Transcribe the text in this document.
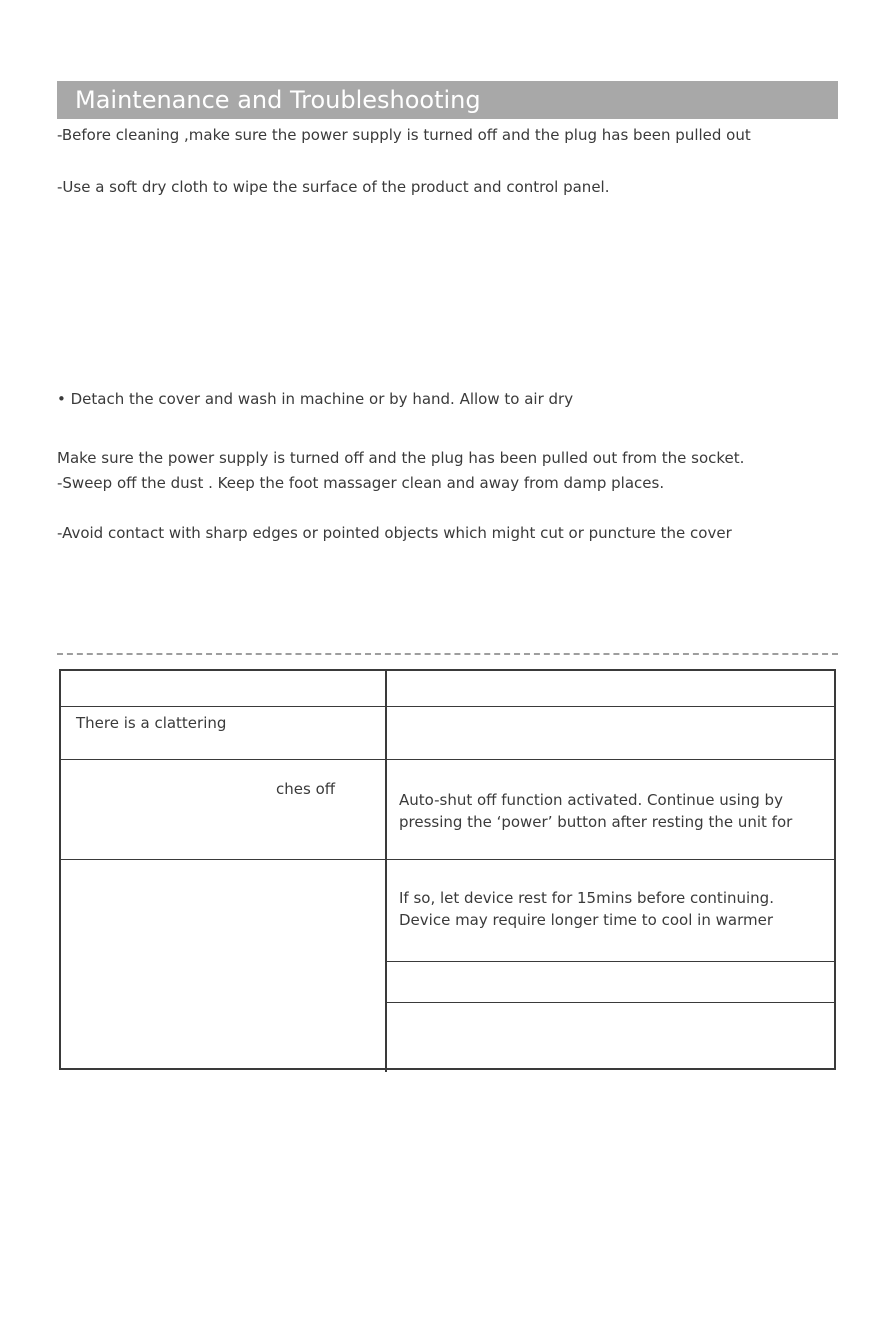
Maintenance and Troubleshooting
-Before cleaning ,make sure the power supply is turned off and the plug has been pulled out
-Use a soft dry cloth to wipe the surface of the product and control panel.
• Detach the cover and wash in machine or by hand. Allow to air dry
Make sure the power supply is turned off and the plug has been pulled out from the socket.
-Sweep off the dust . Keep the foot massager clean and away from damp places.
-Avoid contact with sharp edges or pointed objects which might cut or puncture the cover
There is a clattering
ches off
Auto-shut off function activated. Continue using by
pressing the ‘power’ button after resting the unit for
If so, let device rest for 15mins before continuing.
Device may require longer time to cool in warmer
